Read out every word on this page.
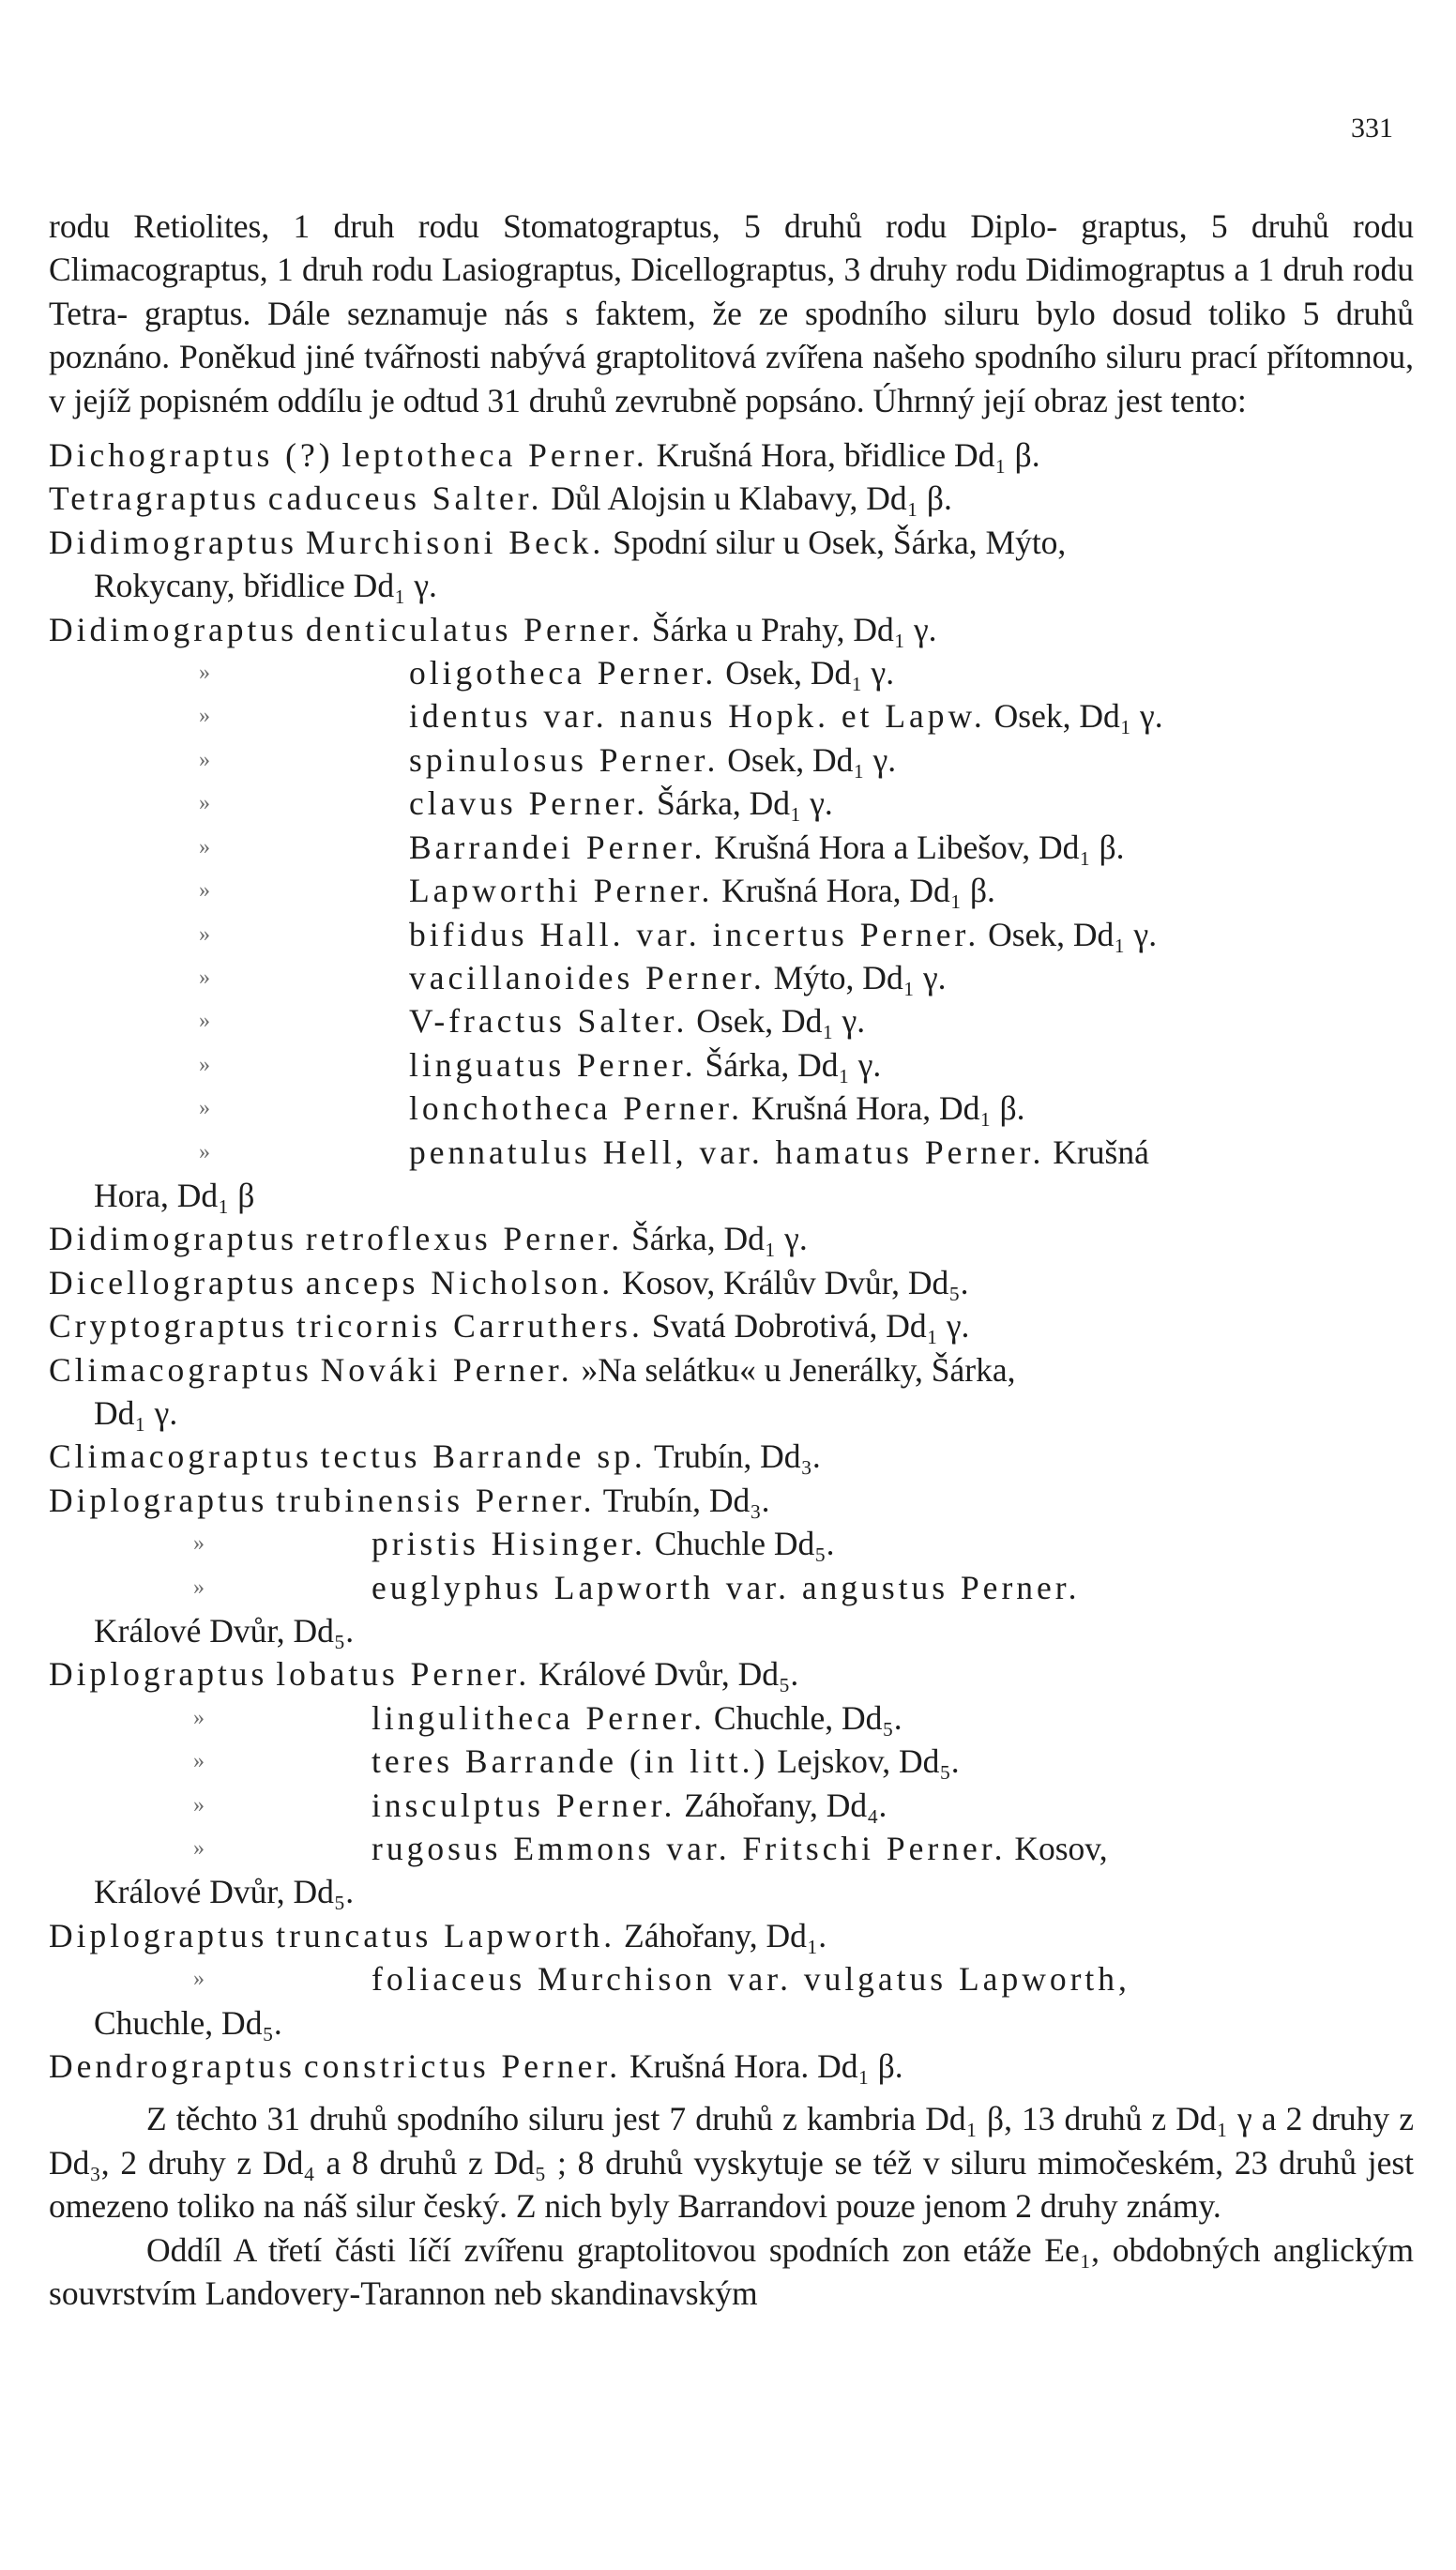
331
rodu Retiolites, 1 druh rodu Stomatograptus, 5 druhů rodu Diplo- graptus, 5 druhů rodu Climacograptus, 1 druh rodu Lasiograptus, Dicellograptus, 3 druhy rodu Didimograptus a 1 druh rodu Tetra- graptus. Dále seznamuje nás s faktem, že ze spodního siluru bylo dosud toliko 5 druhů poznáno. Poněkud jiné tvářnosti nabývá graptolitová zvířena našeho spodního siluru prací přítomnou, v jejíž popisném oddílu je odtud 31 druhů zevrubně popsáno. Úhrnný její obraz jest tento:
Dichograptus (?) leptotheca Perner. Krušná Hora, břidlice Dd₁ β.
Tetragraptus caduceus Salter. Důl Alojsin u Klabavy, Dd₁ β.
Didimograptus Murchisoni Beck. Spodní silur u Osek, Šárka, Mýto,
Rokycany, břidlice Dd₁ γ.
Didimograptus denticulatus Perner. Šárka u Prahy, Dd₁ γ.
»	oligotheca Perner. Osek, Dd₁ γ.
»	identus var. nanus Hopk. et Lapw. Osek, Dd₁ γ.
»	spinulosus Perner. Osek, Dd₁ γ.
»	clavus Perner. Šárka, Dd₁ γ.
»	Barrandei Perner. Krušná Hora a Libešov, Dd₁ β.
»	Lapworthi Perner. Krušná Hora, Dd₁ β.
»	bifidus Hall. var. incertus Perner. Osek, Dd₁ γ.
»	vacillanoides Perner. Mýto, Dd₁ γ.
»	V-fractus Salter. Osek, Dd₁ γ.
»	linguatus Perner. Šárka, Dd₁ γ.
»	lonchotheca Perner. Krušná Hora, Dd₁ β.
»	pennatulus Hell, var. hamatus Perner. Krušná
Hora, Dd₁ β
Didimograptus retroflexus Perner. Šárka, Dd₁ γ.
Dicellograptus anceps Nicholson. Kosov, Králův Dvůr, Dd₅.
Cryptograptus tricornis Carruthers. Svatá Dobrotivá, Dd₁ γ.
Climacograptus Nováki Perner. »Na selátku« u Jenerálky, Šárka,
Dd₁ γ.
Climacograptus tectus Barrande sp. Trubín, Dd₃.
Diplograptus trubinensis Perner. Trubín, Dd₃.
»	pristis Hisinger. Chuchle Dd₅.
»	euglyphus Lapworth var. angustus Perner.
Králové Dvůr, Dd₅.
Diplograptus lobatus Perner. Králové Dvůr, Dd₅.
»	lingulitheca Perner. Chuchle, Dd₅.
»	teres Barrande (in litt.) Lejskov, Dd₅.
»	insculptus Perner. Záhořany, Dd₄.
»	rugosus Emmons var. Fritschi Perner. Kosov,
Králové Dvůr, Dd₅.
Diplograptus truncatus Lapworth. Záhořany, Dd₁.
»	foliaceus Murchison var. vulgatus Lapworth,
Chuchle, Dd₅.
Dendrograptus constrictus Perner. Krušná Hora. Dd₁ β.
Z těchto 31 druhů spodního siluru jest 7 druhů z kambria Dd₁ β, 13 druhů z Dd₁ γ a 2 druhy z Dd₃, 2 druhy z Dd₄ a 8 druhů z Dd₅ ; 8 druhů vyskytuje se též v siluru mimočeském, 23 druhů jest omezeno toliko na náš silur český. Z nich byly Barrandovi pouze jenom 2 druhy známy.
Oddíl A třetí části líčí zvířenu graptolitovou spodních zon etáže Ee₁, obdobných anglickým souvrstvím Landovery-Tarannon neb skandinavským
